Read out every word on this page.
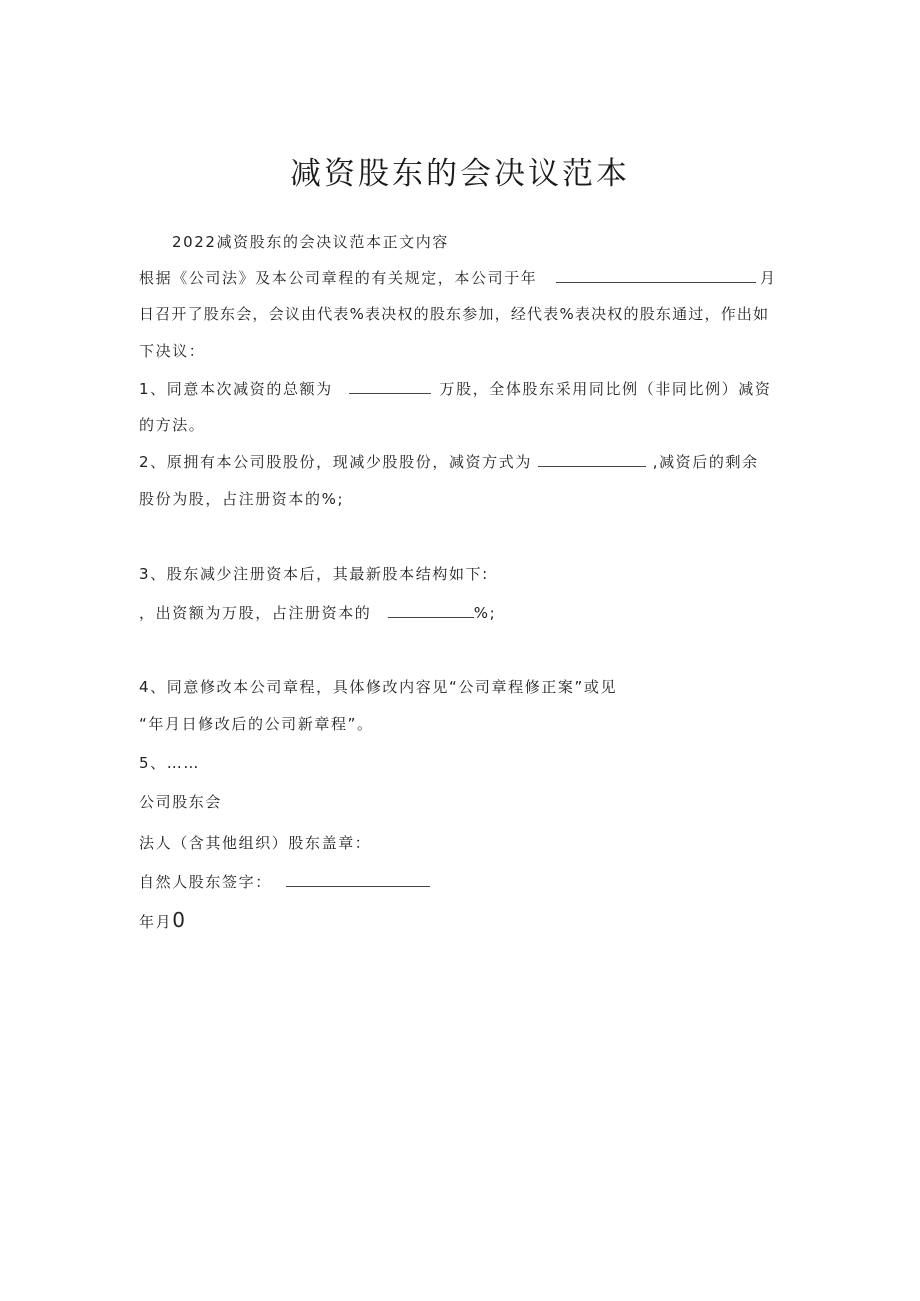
减资股东的会决议范本
2022减资股东的会决议范本正文内容
根据《公司法》及本公司章程的有关规定，本公司于年	月
日召开了股东会，会议由代表%表决权的股东参加，经代表%表决权的股东通过，作出如
下决议：
1、同意本次减资的总额为	万股，全体股东采用同比例（非同比例）减资
的方法。
2、原拥有本公司股股份，现减少股股份，减资方式为	,减资后的剩余
股份为股，占注册资本的%;
3、股东减少注册资本后，其最新股本结构如下:
，出资额为万股，占注册资本的	%;
4、同意修改本公司章程，具体修改内容见“公司章程修正案”或见
“年月日修改后的公司新章程”。
5、……
公司股东会
法人（含其他组织）股东盖章：
自然人股东签字：
年月0
